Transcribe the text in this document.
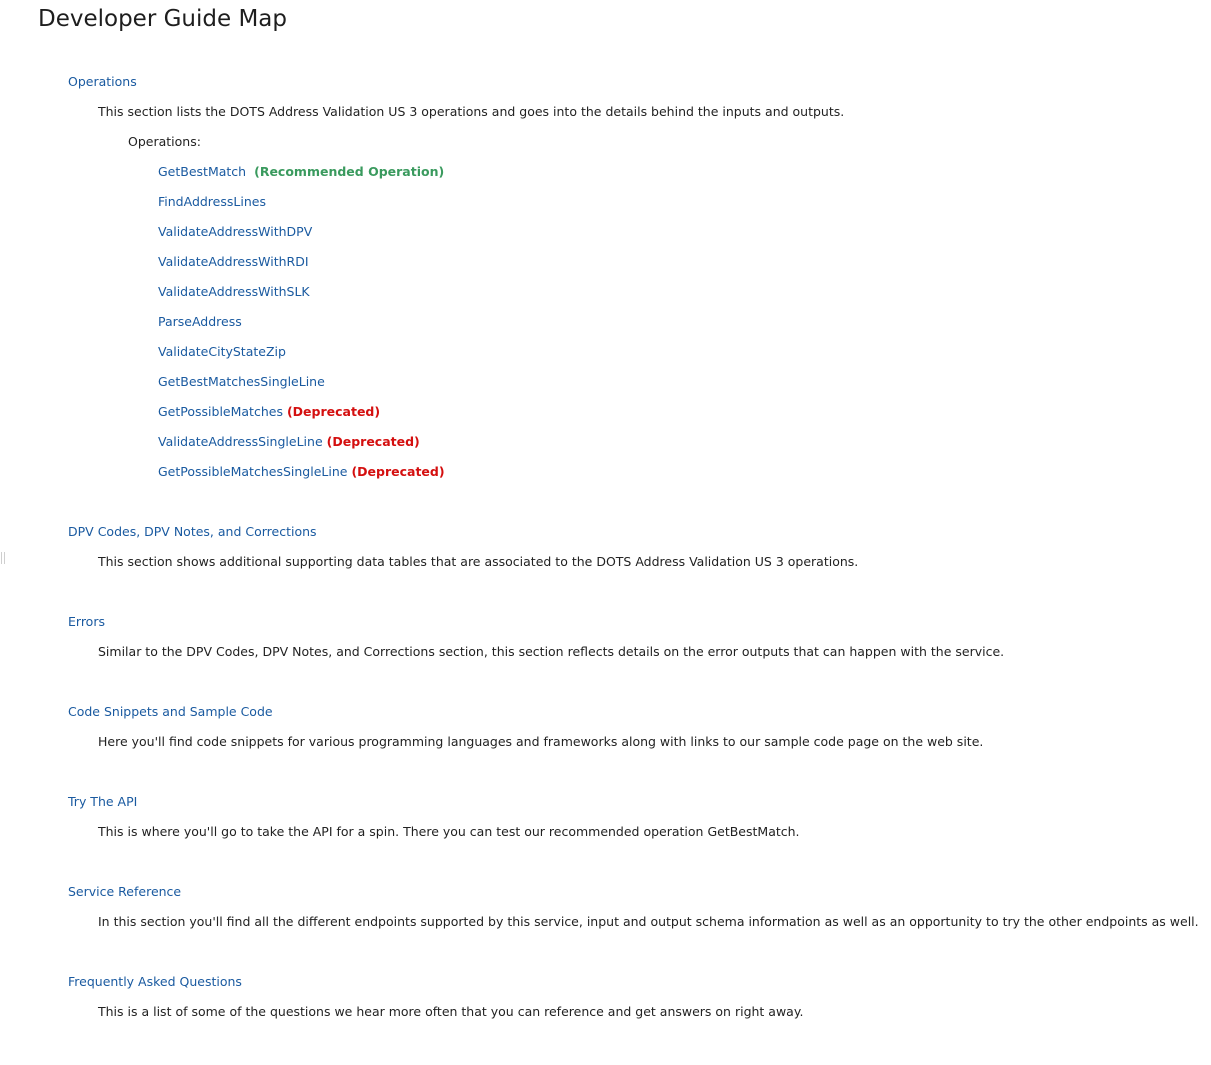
Developer Guide Map
Operations
This section lists the DOTS Address Validation US 3 operations and goes into the details behind the inputs and outputs.
Operations:
GetBestMatch (Recommended Operation)
FindAddressLines
ValidateAddressWithDPV
ValidateAddressWithRDI
ValidateAddressWithSLK
ParseAddress
ValidateCityStateZip
GetBestMatchesSingleLine
GetPossibleMatches (Deprecated)
ValidateAddressSingleLine (Deprecated)
GetPossibleMatchesSingleLine (Deprecated)
DPV Codes, DPV Notes, and Corrections
This section shows additional supporting data tables that are associated to the DOTS Address Validation US 3 operations.
Errors
Similar to the DPV Codes, DPV Notes, and Corrections section, this section reflects details on the error outputs that can happen with the service.
Code Snippets and Sample Code
Here you'll find code snippets for various programming languages and frameworks along with links to our sample code page on the web site.
Try The API
This is where you'll go to take the API for a spin. There you can test our recommended operation GetBestMatch.
Service Reference
In this section you'll find all the different endpoints supported by this service, input and output schema information as well as an opportunity to try the other endpoints as well.
Frequently Asked Questions
This is a list of some of the questions we hear more often that you can reference and get answers on right away.
